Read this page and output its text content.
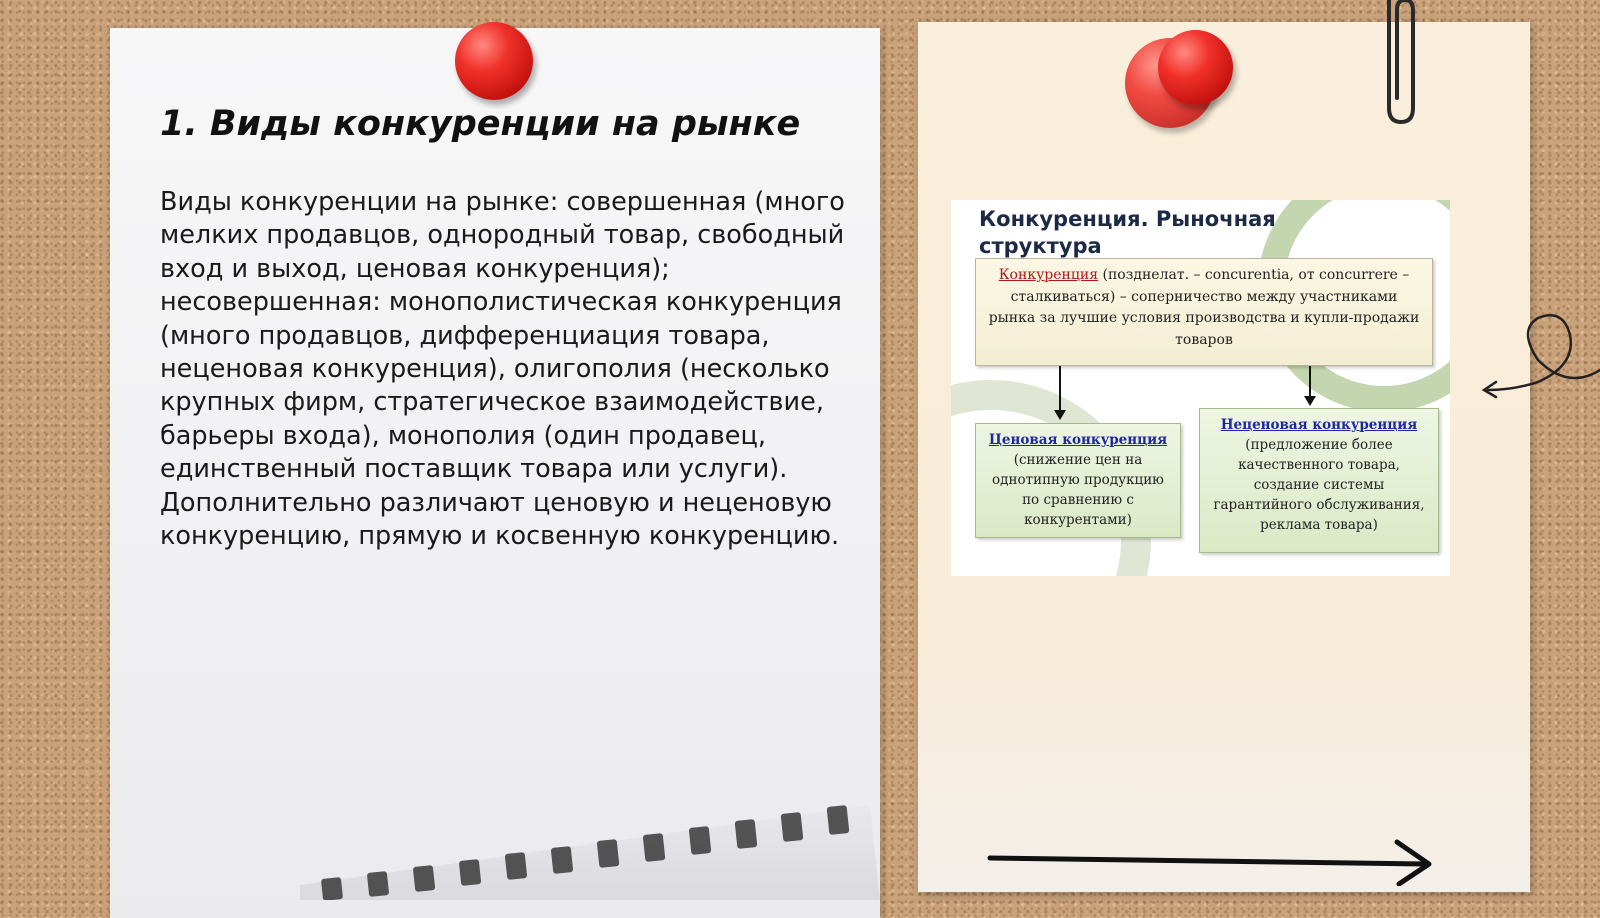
1. Виды конкуренции на рынке

Виды конкуренции на рынке: совершенная (много мелких продавцов, однородный товар, свободный вход и выход, ценовая конкуренция); несовершенная: монополистическая конкуренция (много продавцов, дифференциация товара, неценовая конкуренция), олигополия (несколько крупных фирм, стратегическое взаимодействие, барьеры входа), монополия (один продавец, единственный поставщик товара или услуги). Дополнительно различают ценовую и неценовую конкуренцию, прямую и косвенную конкуренцию.

Конкуренция. Рыночная структура
Конкуренция (позднелат. – concurentia, от concurrere – сталкиваться) – соперничество между участниками рынка за лучшие условия производства и купли-продажи товаров
Ценовая конкуренция
(снижение цен на однотипную продукцию по сравнению с конкурентами)
Неценовая конкуренция
(предложение более качественного товара, создание системы гарантийного обслуживания, реклама товара)
